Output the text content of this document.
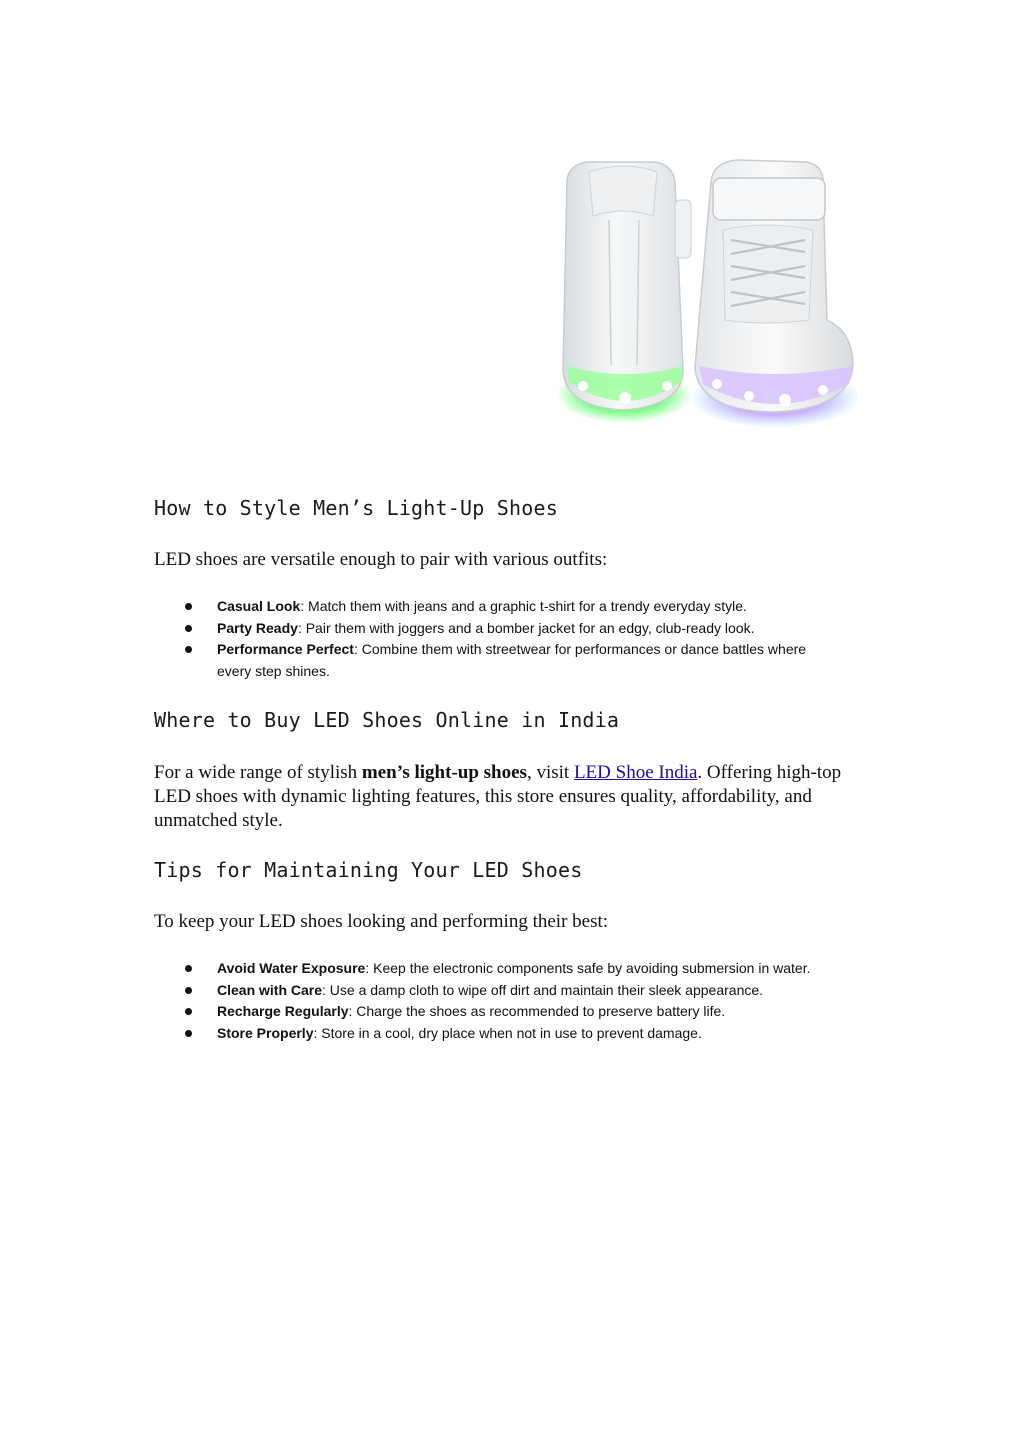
How to Style Men’s Light-Up Shoes

LED shoes are versatile enough to pair with various outfits:

Casual Look: Match them with jeans and a graphic t-shirt for a trendy everyday style.
Party Ready: Pair them with joggers and a bomber jacket for an edgy, club-ready look.
Performance Perfect: Combine them with streetwear for performances or dance battles where every step shines.
Where to Buy LED Shoes Online in India

For a wide range of stylish men’s light-up shoes, visit LED Shoe India. Offering high-top LED shoes with dynamic lighting features, this store ensures quality, affordability, and unmatched style.

Tips for Maintaining Your LED Shoes

To keep your LED shoes looking and performing their best:

Avoid Water Exposure: Keep the electronic components safe by avoiding submersion in water.
Clean with Care: Use a damp cloth to wipe off dirt and maintain their sleek appearance.
Recharge Regularly: Charge the shoes as recommended to preserve battery life.
Store Properly: Store in a cool, dry place when not in use to prevent damage.
